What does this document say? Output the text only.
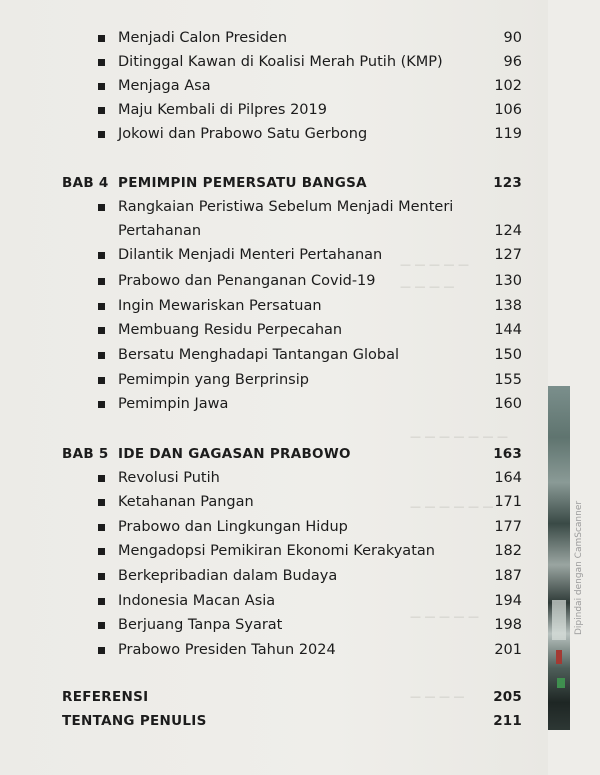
— — — — —
— — — —
— — — — — — —
— — — — — —
— — — — —
— — — —
Menjadi Calon Presiden	90
Ditinggal Kawan di Koalisi Merah Putih (KMP)	96
Menjaga Asa	102
Maju Kembali di Pilpres 2019	106
Jokowi dan Prabowo Satu Gerbong	119
BAB 4 PEMIMPIN PEMERSATU BANGSA	123
Rangkaian Peristiwa Sebelum Menjadi Menteri
Pertahanan	124
Dilantik Menjadi Menteri Pertahanan	127
Prabowo dan Penanganan Covid-19	130
Ingin Mewariskan Persatuan	138
Membuang Residu Perpecahan	144
Bersatu Menghadapi Tantangan Global	150
Pemimpin yang Berprinsip	155
Pemimpin Jawa	160
BAB 5 IDE DAN GAGASAN PRABOWO	163
Revolusi Putih	164
Ketahanan Pangan	171
Prabowo dan Lingkungan Hidup	177
Mengadopsi Pemikiran Ekonomi Kerakyatan	182
Berkepribadian dalam Budaya	187
Indonesia Macan Asia	194
Berjuang Tanpa Syarat	198
Prabowo Presiden Tahun 2024	201
REFERENSI	205
TENTANG PENULIS	211
Dipindai dengan CamScanner
